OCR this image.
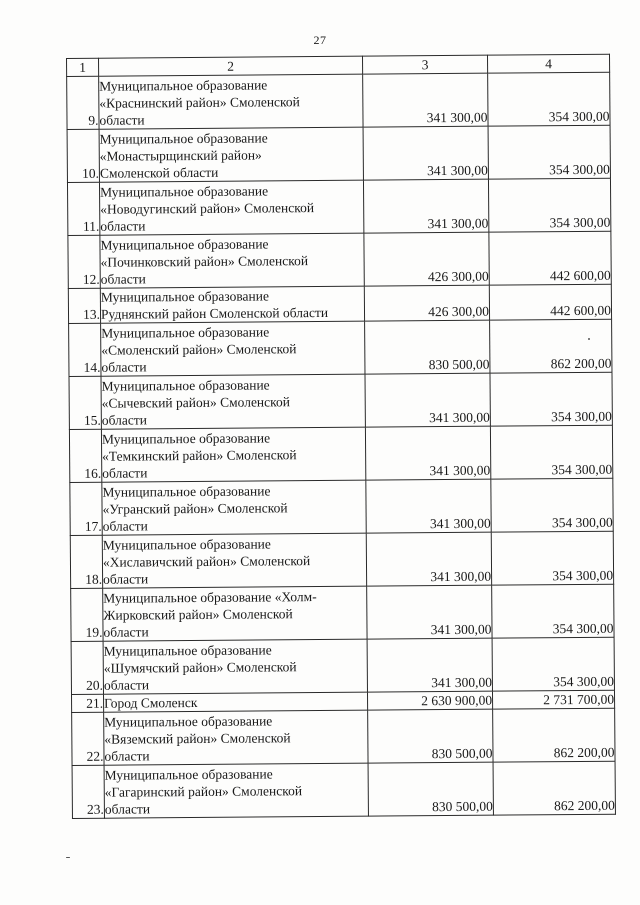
27
1	2	3	4
9.	Муниципальное образование
«Краснинский район» Смоленской
области	341 300,00	354 300,00
10.	Муниципальное образование
«Монастырщинский район»
Смоленской области	341 300,00	354 300,00
11.	Муниципальное образование
«Новодугинский район» Смоленской
области	341 300,00	354 300,00
12.	Муниципальное образование
«Починковский район» Смоленской
области	426 300,00	442 600,00
13.	Муниципальное образование
Руднянский район Смоленской области	426 300,00	442 600,00
14.	Муниципальное образование
«Смоленский район» Смоленской
области	830 500,00	862 200,00
15.	Муниципальное образование
«Сычевский район» Смоленской
области	341 300,00	354 300,00
16.	Муниципальное образование
«Темкинский район» Смоленской
области	341 300,00	354 300,00
17.	Муниципальное образование
«Угранский район» Смоленской
области	341 300,00	354 300,00
18.	Муниципальное образование
«Хиславичский район» Смоленской
области	341 300,00	354 300,00
19.	Муниципальное образование «Холм-
Жирковский район» Смоленской
области	341 300,00	354 300,00
20.	Муниципальное образование
«Шумячский район» Смоленской
области	341 300,00	354 300,00
21.	Город Смоленск	2 630 900,00	2 731 700,00
22.	Муниципальное образование
«Вяземский район» Смоленской
области	830 500,00	862 200,00
23.	Муниципальное образование
«Гагаринский район» Смоленской
области	830 500,00	862 200,00
